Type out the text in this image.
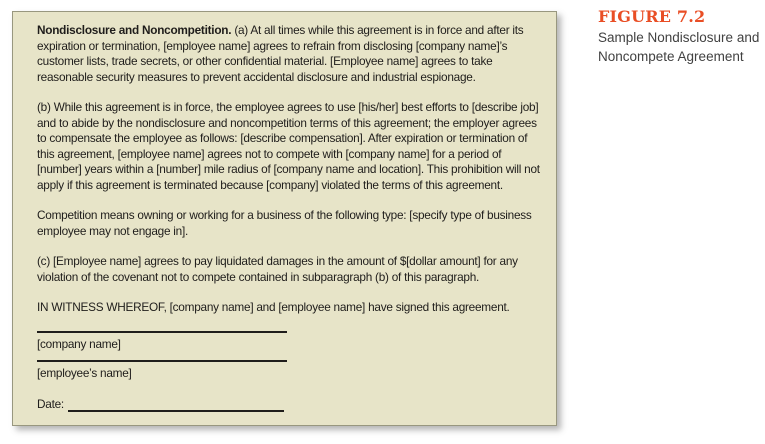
Nondisclosure and Noncompetition. (a) At all times while this agreement is in force and after its expiration or termination, [employee name] agrees to refrain from disclosing [company name]’s customer lists, trade secrets, or other confidential material. [Employee name] agrees to take reasonable security measures to prevent accidental disclosure and industrial espionage.

(b) While this agreement is in force, the employee agrees to use [his/her] best efforts to [describe job] and to abide by the nondisclosure and noncompetition terms of this agreement; the employer agrees to compensate the employee as follows: [describe compensation]. After expiration or termination of this agreement, [employee name] agrees not to compete with [company name] for a period of [number] years within a [number] mile radius of [company name and location]. This prohibition will not apply if this agreement is terminated because [company] violated the terms of this agreement.

Competition means owning or working for a business of the following type: [specify type of business employee may not engage in].

(c) [Employee name] agrees to pay liquidated damages in the amount of $[dollar amount] for any violation of the covenant not to compete contained in subparagraph (b) of this paragraph.

IN WITNESS WHEREOF, [company name] and [employee name] have signed this agreement.

[company name]
[employee’s name]
Date:
FIGURE 7.2
Sample Nondisclosure and Noncompete Agreement
